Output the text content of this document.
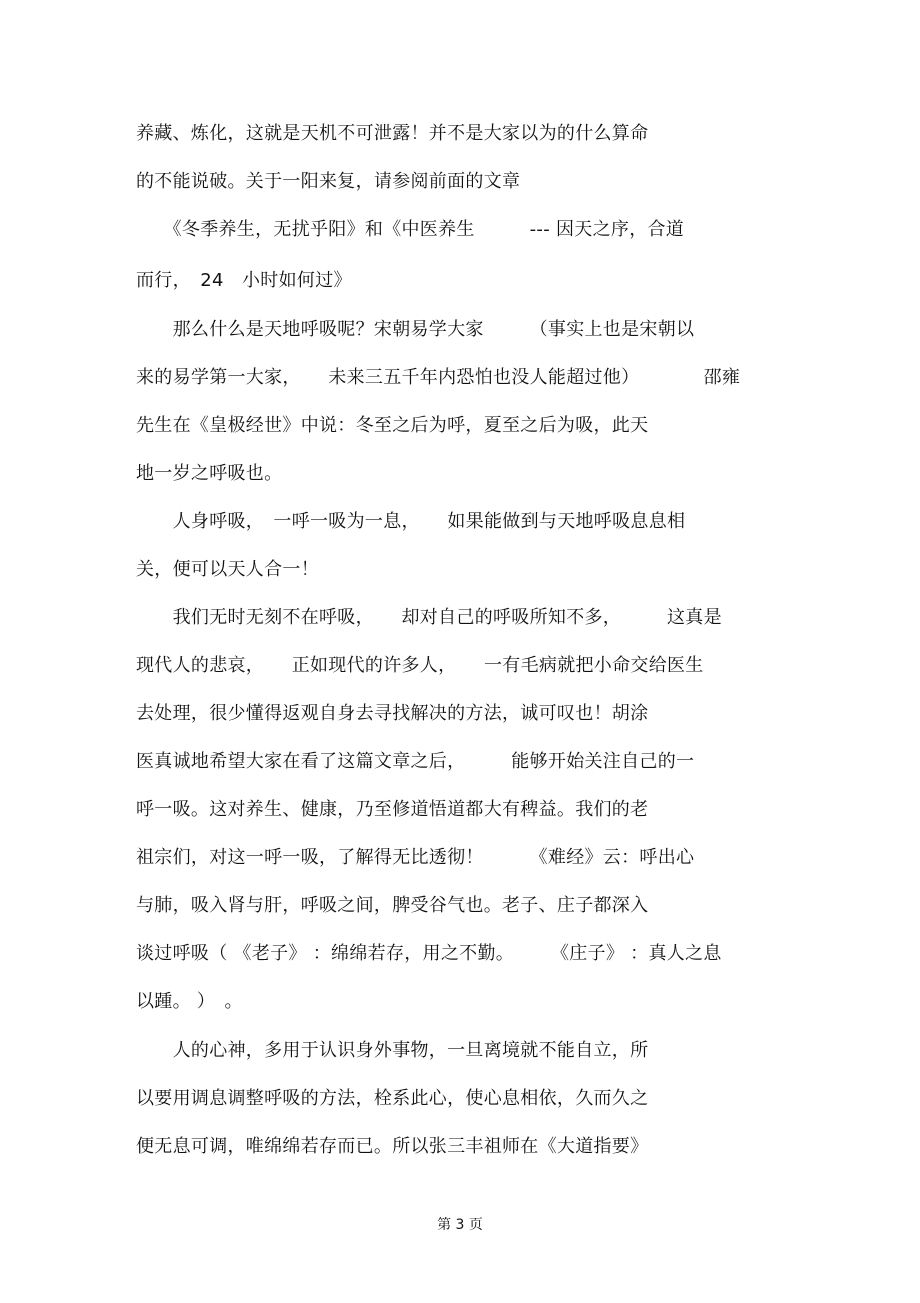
养藏、炼化，这就是天机不可泄露！并不是大家以为的什么算命
的不能说破。关于一阳来复，请参阅前面的文章
　　《冬季养生，无扰乎阳》和《中医养生　　　--- 因天之序，合道
而行，　24　小时如何过》
　　那么什么是天地呼吸呢？宋朝易学大家　　　（事实上也是宋朝以
来的易学第一大家，　　未来三五千年内恐怕也没人能超过他）　　　　邵雍
先生在《皇极经世》中说：冬至之后为呼，夏至之后为吸，此天
地一岁之呼吸也。
　　人身呼吸，　一呼一吸为一息，　　如果能做到与天地呼吸息息相
关，便可以天人合一！
　　我们无时无刻不在呼吸，　　却对自己的呼吸所知不多，　　　这真是
现代人的悲哀，　　正如现代的许多人，　　一有毛病就把小命交给医生
去处理，很少懂得返观自身去寻找解决的方法，诚可叹也！胡涂
医真诚地希望大家在看了这篇文章之后，　　　能够开始关注自己的一
呼一吸。这对养生、健康，乃至修道悟道都大有稗益。我们的老
祖宗们，对这一呼一吸，了解得无比透彻！　　　《难经》云：呼出心
与肺，吸入肾与肝，呼吸之间，脾受谷气也。老子、庄子都深入
谈过呼吸（ 《老子》 ：绵绵若存，用之不勤。　　　《庄子》 ：真人之息
以踵。 ）　。
　　人的心神，多用于认识身外事物，一旦离境就不能自立，所
以要用调息调整呼吸的方法，栓系此心，使心息相依，久而久之
便无息可调，唯绵绵若存而已。所以张三丰祖师在《大道指要》
第 3 页
